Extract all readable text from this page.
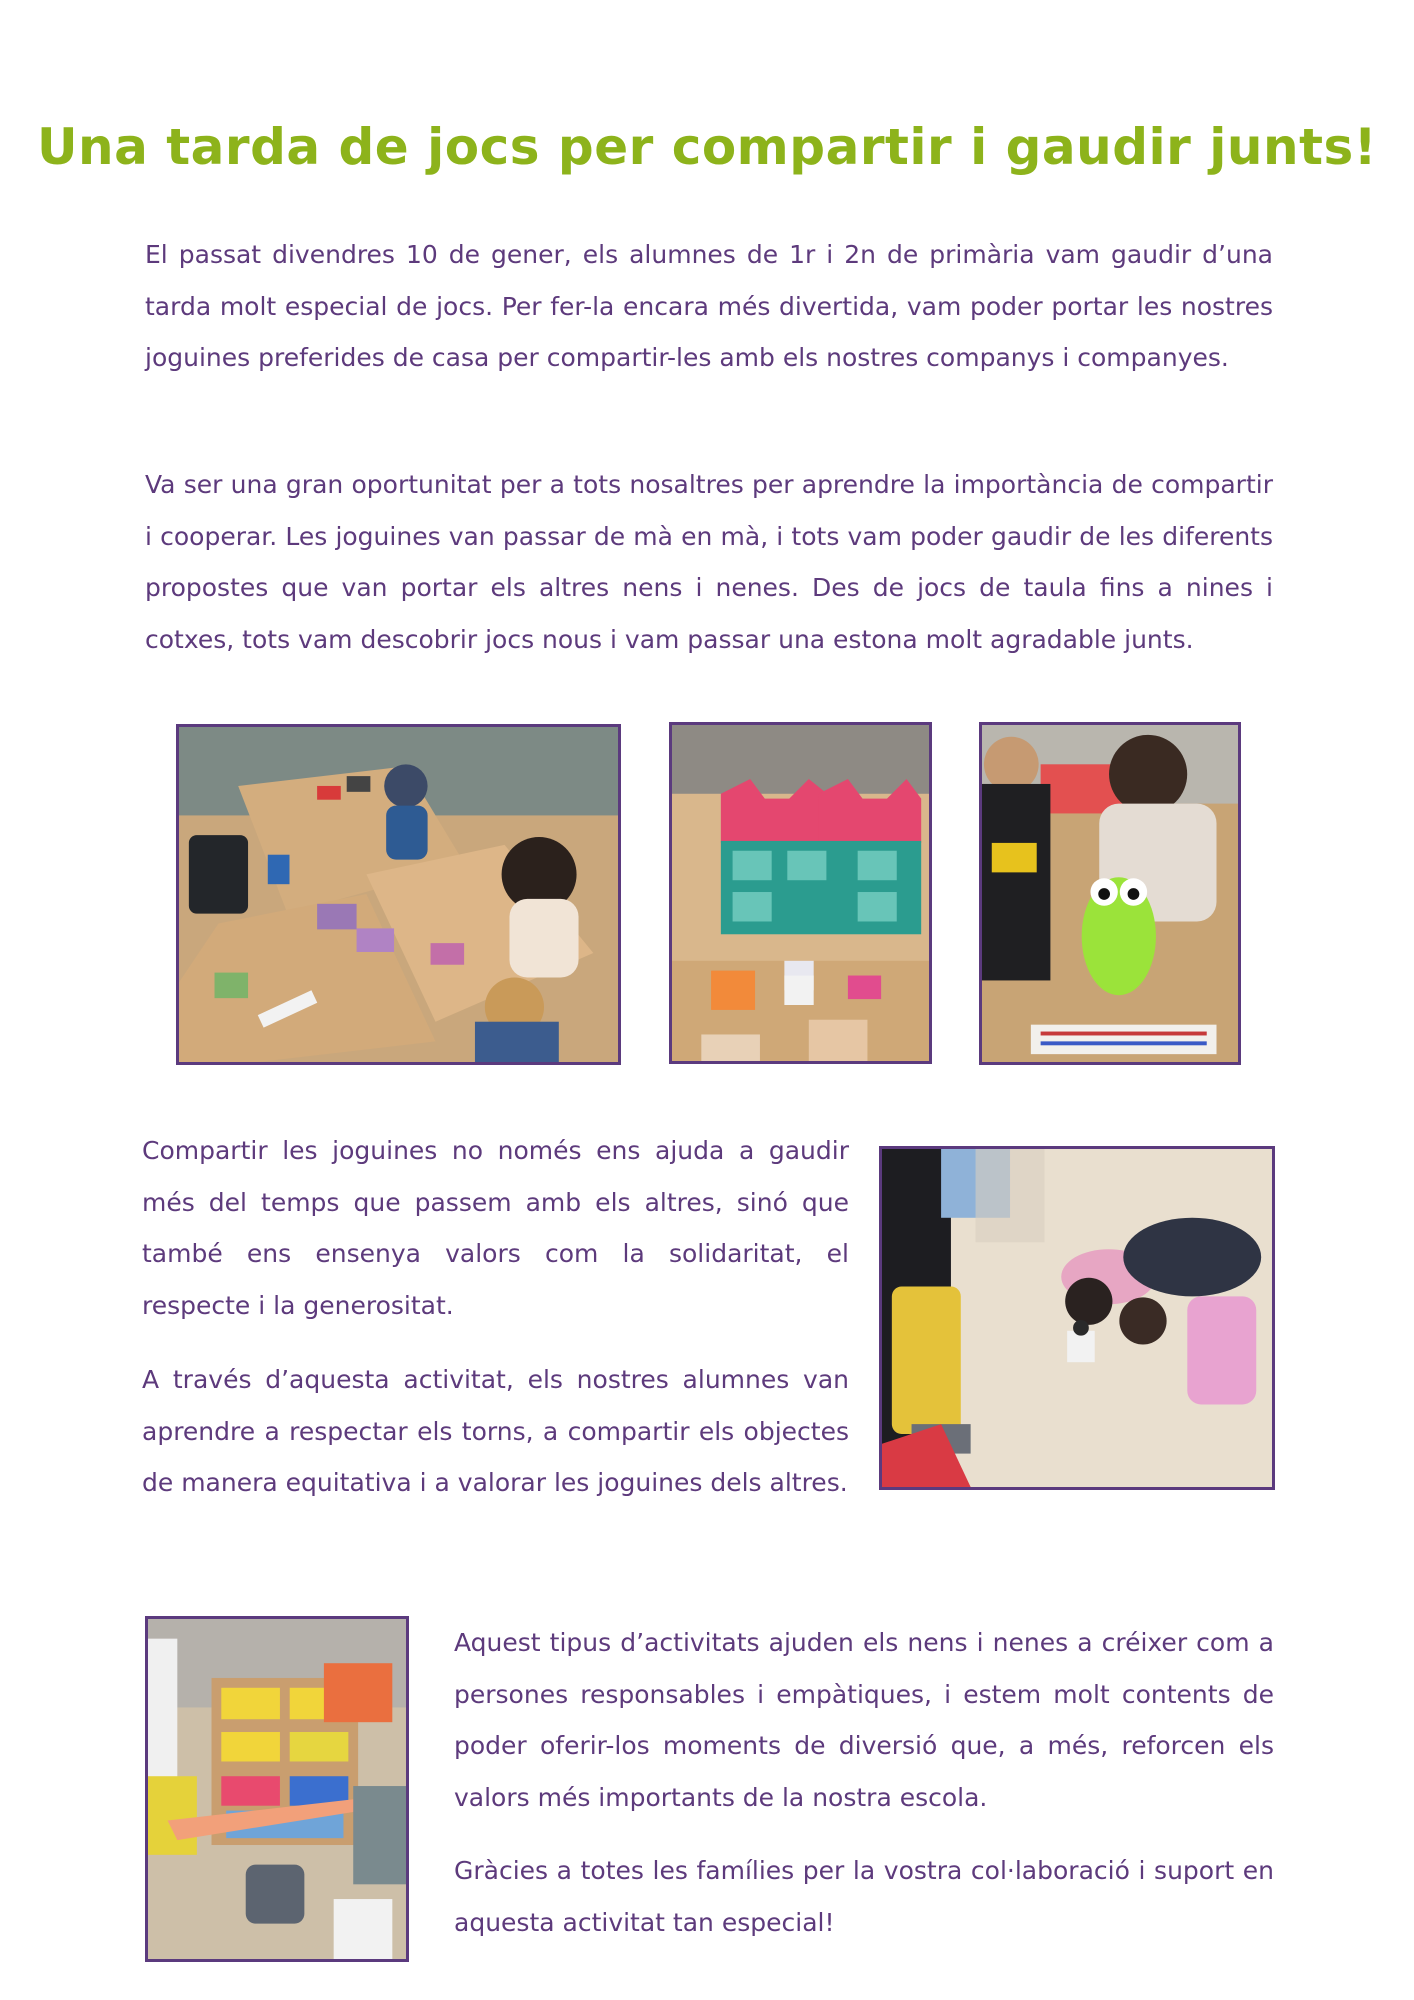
Una tarda de jocs per compartir i gaudir junts!

El passat divendres 10 de gener, els alumnes de 1r i 2n de primària vam gaudir d’una tarda molt especial de jocs. Per fer-la encara més divertida, vam poder portar les nostres joguines preferides de casa per compartir-les amb els nostres companys i companyes.

Va ser una gran oportunitat per a tots nosaltres per aprendre la importància de compartir i cooperar. Les joguines van passar de mà en mà, i tots vam poder gaudir de les diferents propostes que van portar els altres nens i nenes. Des de jocs de taula fins a nines i cotxes, tots vam descobrir jocs nous i vam passar una estona molt agradable junts.

Compartir les joguines no només ens ajuda a gaudir més del temps que passem amb els altres, sinó que també ens ensenya valors com la solidaritat, el respecte i la generositat.

A través d’aquesta activitat, els nostres alumnes van aprendre a respectar els torns, a compartir els objectes de manera equitativa i a valorar les joguines dels altres.

Aquest tipus d’activitats ajuden els nens i nenes a créixer com a persones responsables i empàtiques, i estem molt contents de poder oferir-los moments de diversió que, a més, reforcen els valors més importants de la nostra escola.

Gràcies a totes les famílies per la vostra col·laboració i suport en aquesta activitat tan especial!
